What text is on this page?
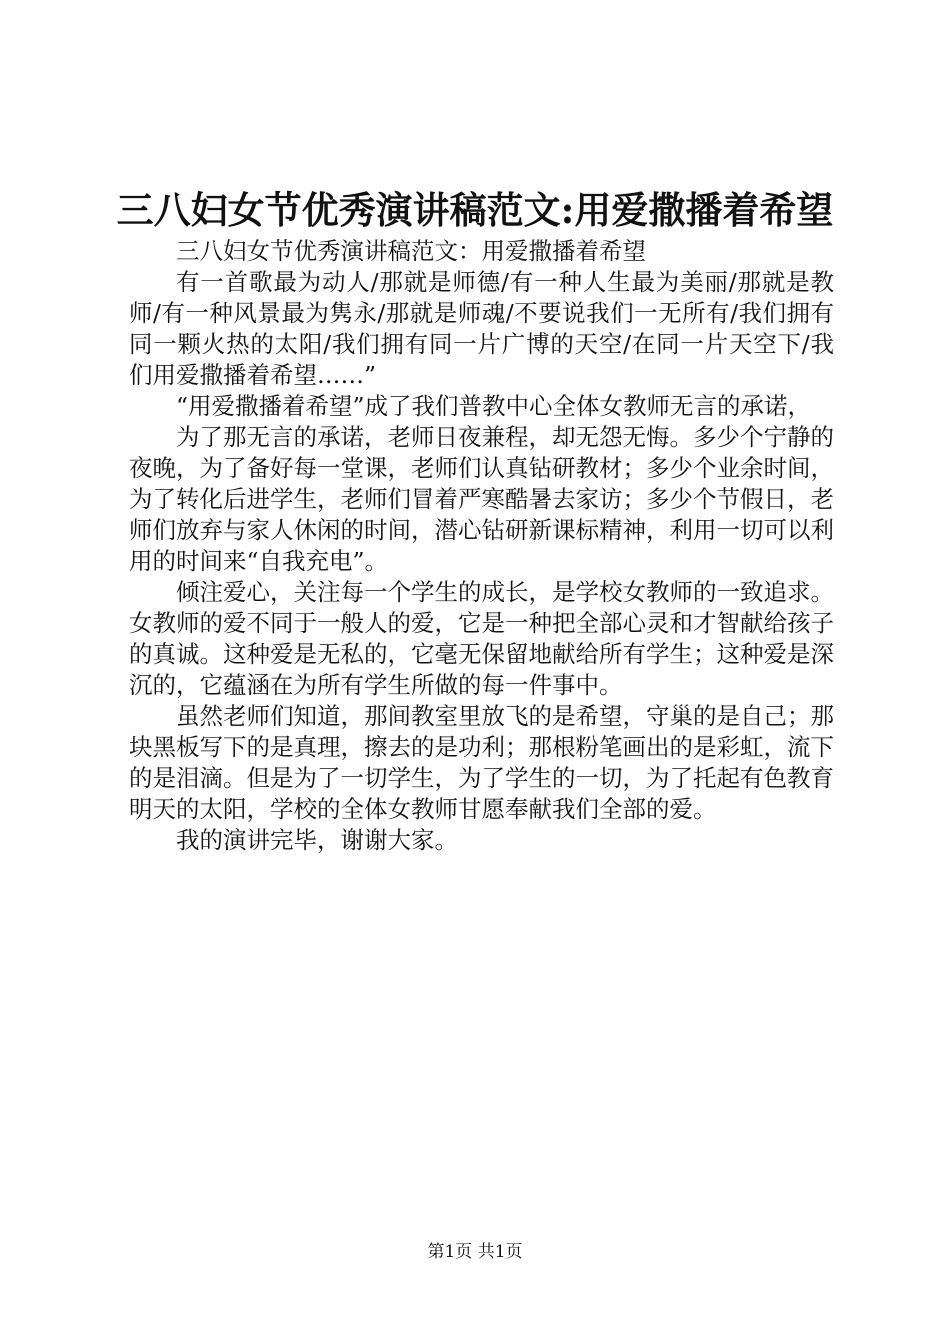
三八妇女节优秀演讲稿范文:用爱撒播着希望

三八妇女节优秀演讲稿范文：用爱撒播着希望

有一首歌最为动人/那就是师德/有一种人生最为美丽/那就是教师/有一种风景最为隽永/那就是师魂/不要说我们一无所有/我们拥有同一颗火热的太阳/我们拥有同一片广博的天空/在同一片天空下/我们用爱撒播着希望……”

“用爱撒播着希望”成了我们普教中心全体女教师无言的承诺，

为了那无言的承诺，老师日夜兼程，却无怨无悔。多少个宁静的夜晚，为了备好每一堂课，老师们认真钻研教材；多少个业余时间，为了转化后进学生，老师们冒着严寒酷暑去家访；多少个节假日，老师们放弃与家人休闲的时间，潜心钻研新课标精神，利用一切可以利用的时间来“自我充电”。

倾注爱心，关注每一个学生的成长，是学校女教师的一致追求。女教师的爱不同于一般人的爱，它是一种把全部心灵和才智献给孩子的真诚。这种爱是无私的，它毫无保留地献给所有学生；这种爱是深沉的，它蕴涵在为所有学生所做的每一件事中。

虽然老师们知道，那间教室里放飞的是希望，守巢的是自己；那块黑板写下的是真理，擦去的是功利；那根粉笔画出的是彩虹，流下的是泪滴。但是为了一切学生，为了学生的一切，为了托起有色教育明天的太阳，学校的全体女教师甘愿奉献我们全部的爱。

我的演讲完毕，谢谢大家。

第1页 共1页
